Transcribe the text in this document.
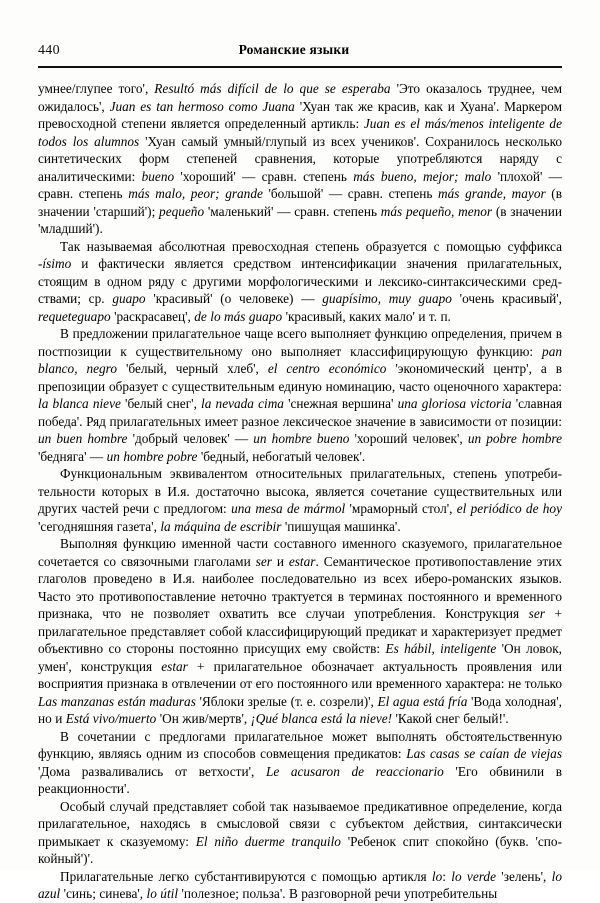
440	Романские языки

умнее/глупее того', Resultó más difícil de lo que se esperaba 'Это оказалось труднее, чем ожидалось', Juan es tan hermoso como Juana 'Хуан так же красив, как и Хуана'. Маркером превосходной степени является определенный артикль: Juan es el más/menos inteligente de todos los alumnos 'Хуан самый умный/глупый из всех учеников'. Сохранилось несколько синтетических форм степеней сравнения, которые употребляются наряду с аналитическими: bueno 'хороший' — сравн. степень más bueno, mejor; malo 'плохой' — сравн. степень más malo, peor; grande 'большой' — сравн. степень más grande, mayor (в значении 'старший'); pequeño 'маленький' — сравн. степень más pequeño, menor (в значении 'младший').

Так называемая абсолютная превосходная степень образуется с помощью суффикса -ísimo и фактически является средством интенсификации значения прилагательных, стоящим в одном ряду с другими морфологическими и лексико-синтаксическими средствами; ср. guapo 'красивый' (о человеке) — guapísimo, muy guapo 'очень красивый', requeteguapo 'раскрасавец', de lo más guapo 'красивый, каких мало' и т. п.

В предложении прилагательное чаще всего выполняет функцию определения, причем в постпозиции к существительному оно выполняет классифицирующую функцию: pan blanco, negro 'белый, черный хлеб', el centro económico 'экономический центр', а в препозиции образует с существительным единую номинацию, часто оценочного характера: la blanca nieve 'белый снег', la nevada cima 'снежная вершина' una gloriosa victoria 'славная победа'. Ряд прилагательных имеет разное лексическое значение в зависимости от позиции: un buen hombre 'добрый человек' — un hombre bueno 'хороший человек', un pobre hombre 'бедняга' — un hombre pobre 'бедный, небогатый человек'.

Функциональным эквивалентом относительных прилагательных, степень употребительности которых в И.я. достаточно высока, является сочетание существительных или других частей речи с предлогом: una mesa de mármol 'мраморный стол', el periódico de hoy 'сегодняшняя газета', la máquina de escribir 'пишущая машинка'.

Выполняя функцию именной части составного именного сказуемого, прилагательное сочетается со связочными глаголами ser и estar. Семантическое противопоставление этих глаголов проведено в И.я. наиболее последовательно из всех иберо-романских языков. Часто это противопоставление неточно трактуется в терминах постоянного и временного признака, что не позволяет охватить все случаи употребления. Конструкция ser + прилагательное представляет собой классифицирующий предикат и характеризует предмет объективно со стороны постоянно присущих ему свойств: Es hábil, inteligente 'Он ловок, умен', конструкция estar + прилагательное обозначает актуальность проявления или восприятия признака в отвлечении от его постоянного или временного характера: не только Las manzanas están maduras 'Яблоки зрелые (т. е. созрели)', El agua está fría 'Вода холодная', но и Está vivo/muerto 'Он жив/мертв', ¡Qué blanca está la nieve! 'Какой снег белый!'.

В сочетании с предлогами прилагательное может выполнять обстоятельственную функцию, являясь одним из способов совмещения предикатов: Las casas se caían de viejas 'Дома разваливались от ветхости', Le acusaron de reaccionario 'Его обвинили в реакционности'.

Особый случай представляет собой так называемое предикативное определение, когда прилагательное, находясь в смысловой связи с субъектом действия, синтаксически примыкает к сказуемому: El niño duerme tranquilo 'Ребенок спит спокойно (букв. 'спокойный')'.

Прилагательные легко субстантивируются с помощью артикля lo: lo verde 'зелень', lo azul 'синь; синева', lo útil 'полезное; польза'. В разговорной речи употребительны
